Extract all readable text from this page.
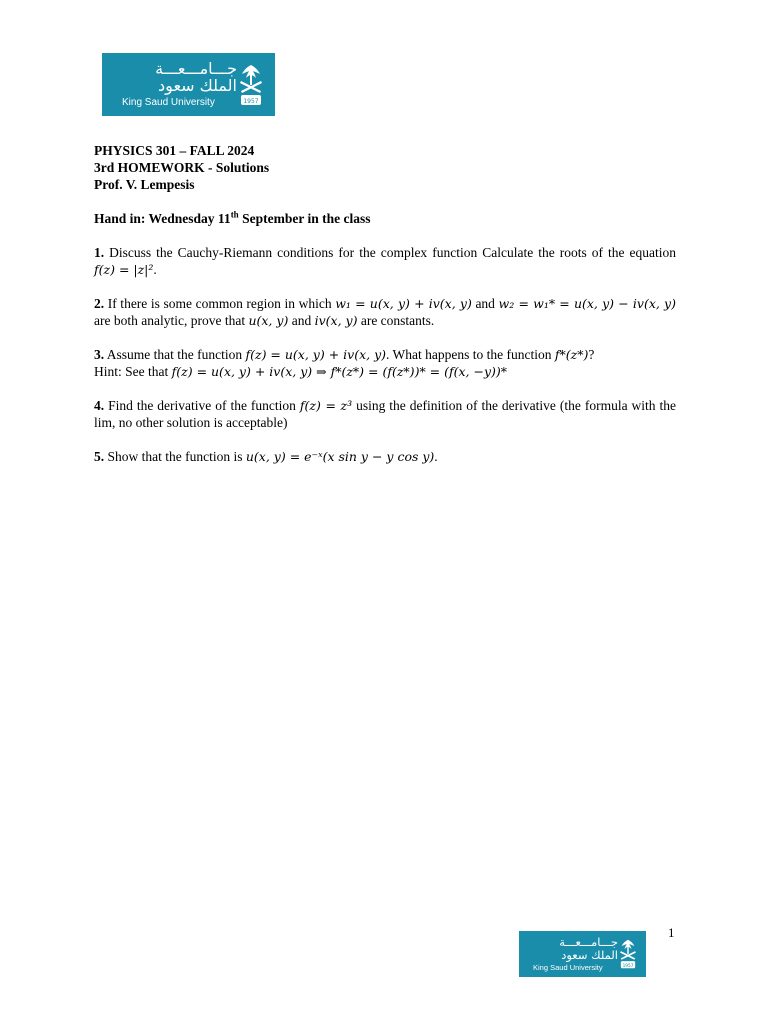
جـــامـــعـــة
الملك سعود
King Saud University	1957

PHYSICS 301 – FALL 2024

3rd HOMEWORK - Solutions

Prof. V. Lempesis

Hand in: Wednesday 11th September in the class
1. Discuss the Cauchy-Riemann conditions for the complex function Calculate the roots of the equation f(z) = |z|².
2. If there is some common region in which w₁ = u(x, y) + iv(x, y) and w₂ = w₁* = u(x, y) − iv(x, y) are both analytic, prove that u(x, y) and iv(x, y) are constants.
3. Assume that the function f(z) = u(x, y) + iv(x, y). What happens to the function f*(z*)?
Hint: See that f(z) = u(x, y) + iv(x, y) ⇒ f*(z*) = (f(z*))* = (f(x, −y))*
4. Find the derivative of the function f(z) = z³ using the definition of the derivative (the formula with the lim, no other solution is acceptable)
5. Show that the function is u(x, y) = e⁻ˣ(x sin y − y cos y).
1
جـــامـــعـــة
الملك سعود
King Saud University	1957
